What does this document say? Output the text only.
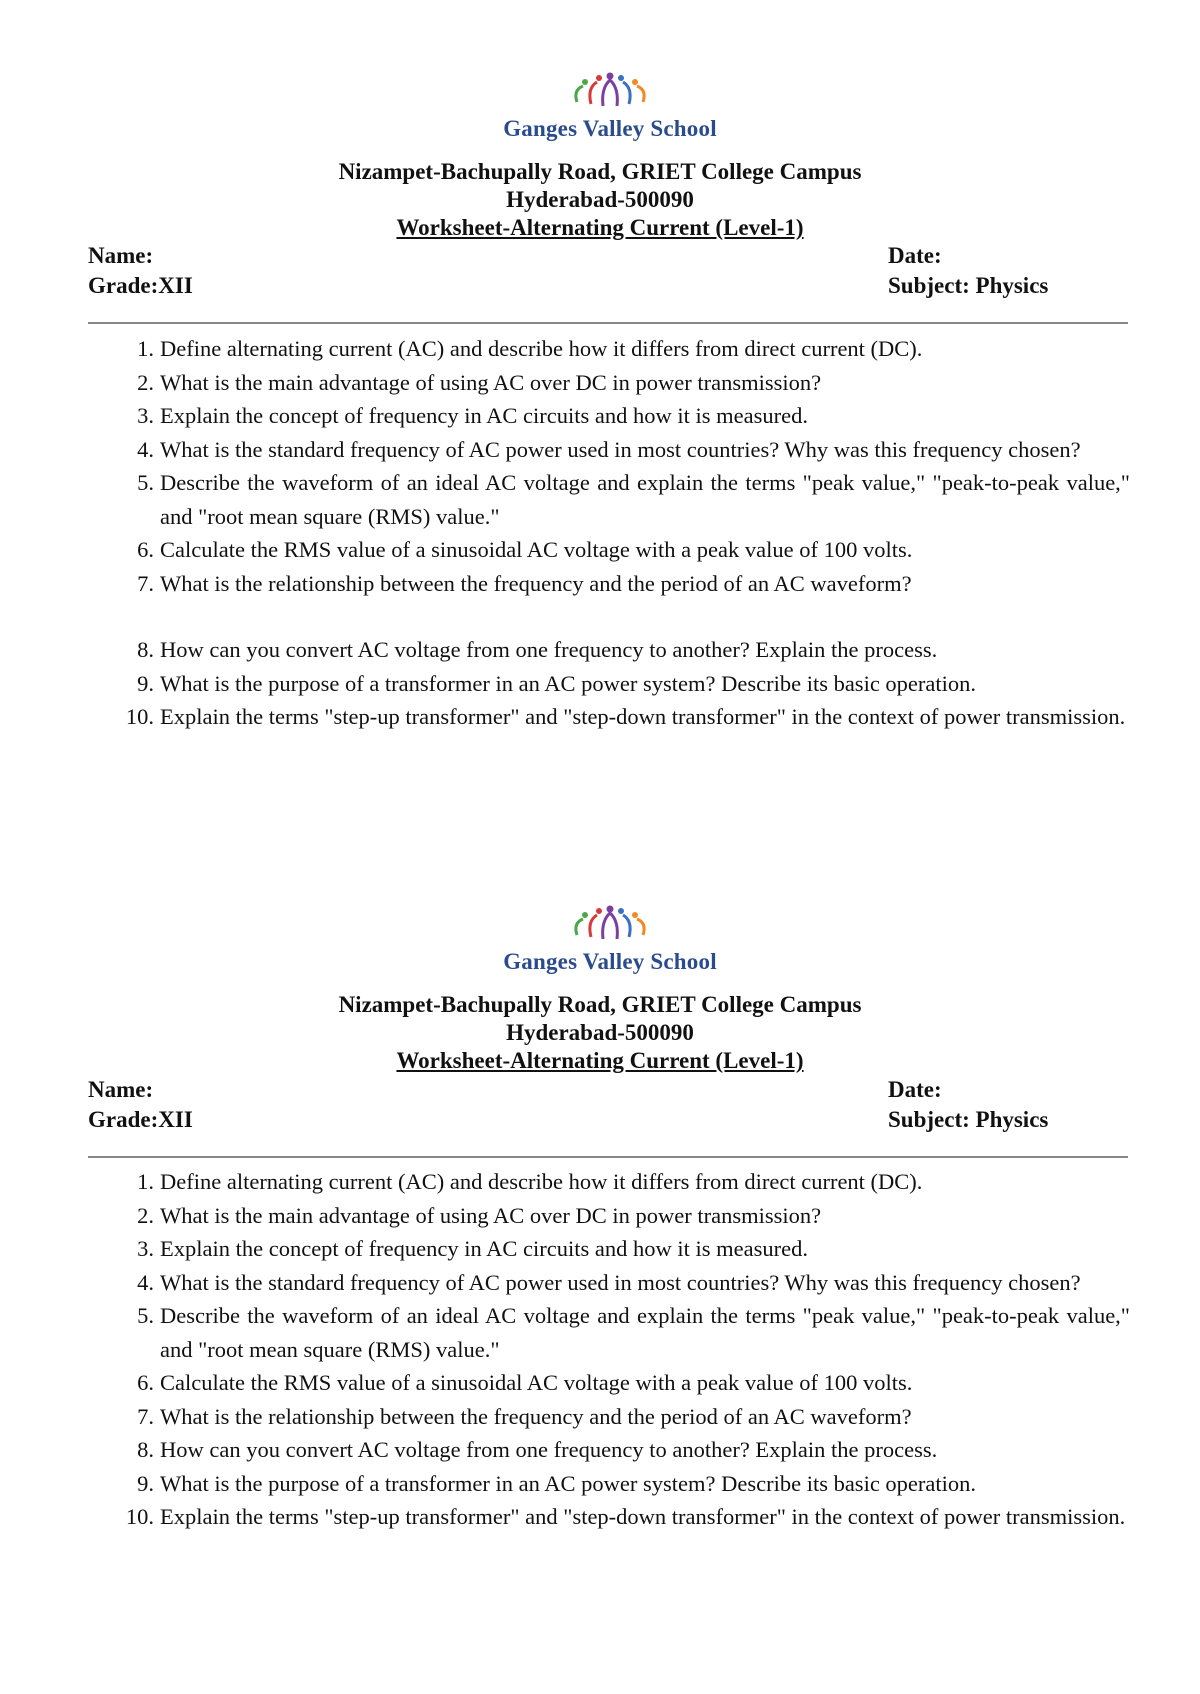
Ganges Valley School
Nizampet-Bachupally Road, GRIET College Campus
Hyderabad-500090
Worksheet-Alternating Current (Level-1)
Name:	Date:
Grade:XII	Subject: Physics
1. Define alternating current (AC) and describe how it differs from direct current (DC).
2. What is the main advantage of using AC over DC in power transmission?
3. Explain the concept of frequency in AC circuits and how it is measured.
4. What is the standard frequency of AC power used in most countries? Why was this frequency chosen?
5. Describe the waveform of an ideal AC voltage and explain the terms "peak value," "peak-to-peak value," and "root mean square (RMS) value."
6. Calculate the RMS value of a sinusoidal AC voltage with a peak value of 100 volts.
7. What is the relationship between the frequency and the period of an AC waveform?
8. How can you convert AC voltage from one frequency to another? Explain the process.
9. What is the purpose of a transformer in an AC power system? Describe its basic operation.
10. Explain the terms "step-up transformer" and "step-down transformer" in the context of power transmission.
Ganges Valley School
Nizampet-Bachupally Road, GRIET College Campus
Hyderabad-500090
Worksheet-Alternating Current (Level-1)
Name:	Date:
Grade:XII	Subject: Physics
1. Define alternating current (AC) and describe how it differs from direct current (DC).
2. What is the main advantage of using AC over DC in power transmission?
3. Explain the concept of frequency in AC circuits and how it is measured.
4. What is the standard frequency of AC power used in most countries? Why was this frequency chosen?
5. Describe the waveform of an ideal AC voltage and explain the terms "peak value," "peak-to-peak value," and "root mean square (RMS) value."
6. Calculate the RMS value of a sinusoidal AC voltage with a peak value of 100 volts.
7. What is the relationship between the frequency and the period of an AC waveform?
8. How can you convert AC voltage from one frequency to another? Explain the process.
9. What is the purpose of a transformer in an AC power system? Describe its basic operation.
10. Explain the terms "step-up transformer" and "step-down transformer" in the context of power transmission.
